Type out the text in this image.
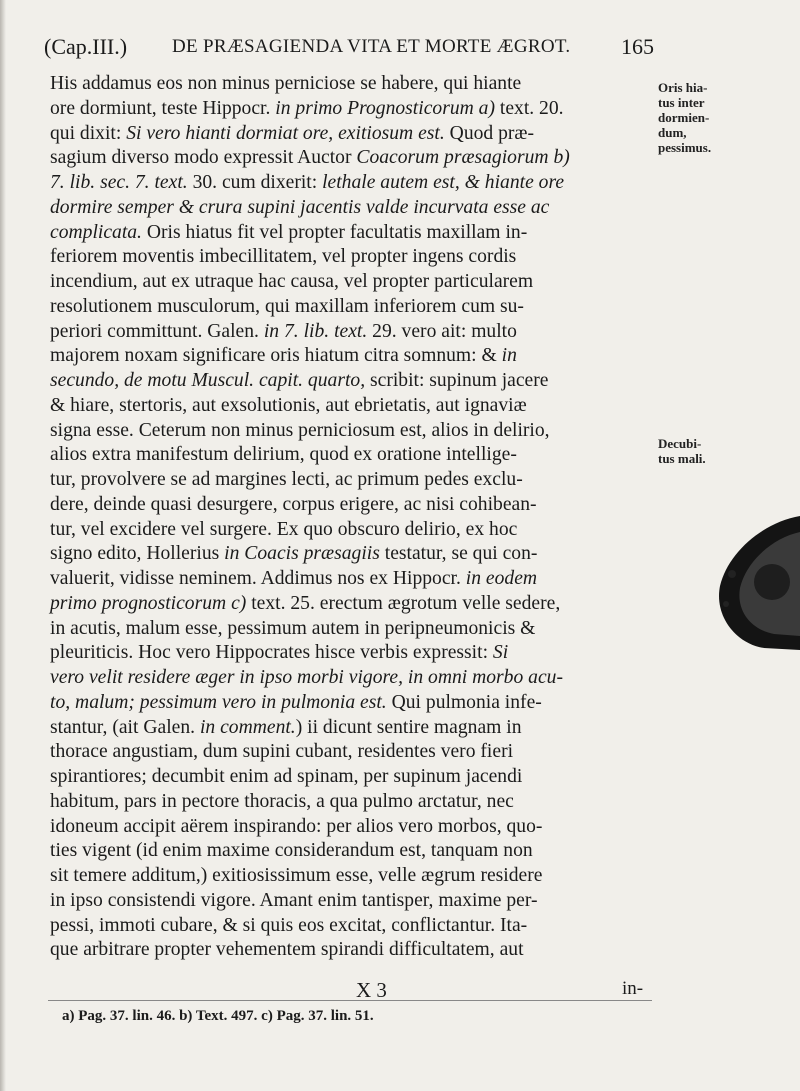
(Cap.III.) DE PRÆSAGIENDA VITA ET MORTE ÆGROT. 165
His addamus eos non minus perniciose se habere, qui hiante
ore dormiunt, teste Hippocr. in primo Prognosticorum a) text. 20.
qui dixit: Si vero hianti dormiat ore, exitiosum est. Quod præ-
sagium diverso modo expressit Auctor Coacorum præsagiorum b)
7. lib. sec. 7. text. 30. cum dixerit: lethale autem est, & hiante ore
dormire semper & crura supini jacentis valde incurvata esse ac
complicata. Oris hiatus fit vel propter facultatis maxillam in-
feriorem moventis imbecillitatem, vel propter ingens cordis
incendium, aut ex utraque hac causa, vel propter particularem
resolutionem musculorum, qui maxillam inferiorem cum su-
periori committunt. Galen. in 7. lib. text. 29. vero ait: multo
majorem noxam significare oris hiatum citra somnum: & in
secundo, de motu Muscul. capit. quarto, scribit: supinum jacere
& hiare, stertoris, aut exsolutionis, aut ebrietatis, aut ignaviæ
signa esse. Ceterum non minus perniciosum est, alios in delirio,
alios extra manifestum delirium, quod ex oratione intellige-
tur, provolvere se ad margines lecti, ac primum pedes exclu-
dere, deinde quasi desurgere, corpus erigere, ac nisi cohibean-
tur, vel excidere vel surgere. Ex quo obscuro delirio, ex hoc
signo edito, Hollerius in Coacis præsagiis testatur, se qui con-
valuerit, vidisse neminem. Addimus nos ex Hippocr. in eodem
primo prognosticorum c) text. 25. erectum ægrotum velle sedere,
in acutis, malum esse, pessimum autem in peripneumonicis &
pleuriticis. Hoc vero Hippocrates hisce verbis expressit: Si
vero velit residere æger in ipso morbi vigore, in omni morbo acu-
to, malum; pessimum vero in pulmonia est. Qui pulmonia infe-
stantur, (ait Galen. in comment.) ii dicunt sentire magnam in
thorace angustiam, dum supini cubant, residentes vero fieri
spirantiores; decumbit enim ad spinam, per supinum jacendi
habitum, pars in pectore thoracis, a qua pulmo arctatur, nec
idoneum accipit aërem inspirando: per alios vero morbos, quo-
ties vigent (id enim maxime considerandum est, tanquam non
sit temere additum,) exitiosissimum esse, velle ægrum residere
in ipso consistendi vigore. Amant enim tantisper, maxime per-
pessi, immoti cubare, & si quis eos excitat, conflictantur. Ita-
que arbitrare propter vehementem spirandi difficultatem, aut
Oris hia-
tus inter
dormien-
dum,
pessimus.
Decubi-
tus mali.
X 3	in-
a) Pag. 37. lin. 46. b) Text. 497. c) Pag. 37. lin. 51.
